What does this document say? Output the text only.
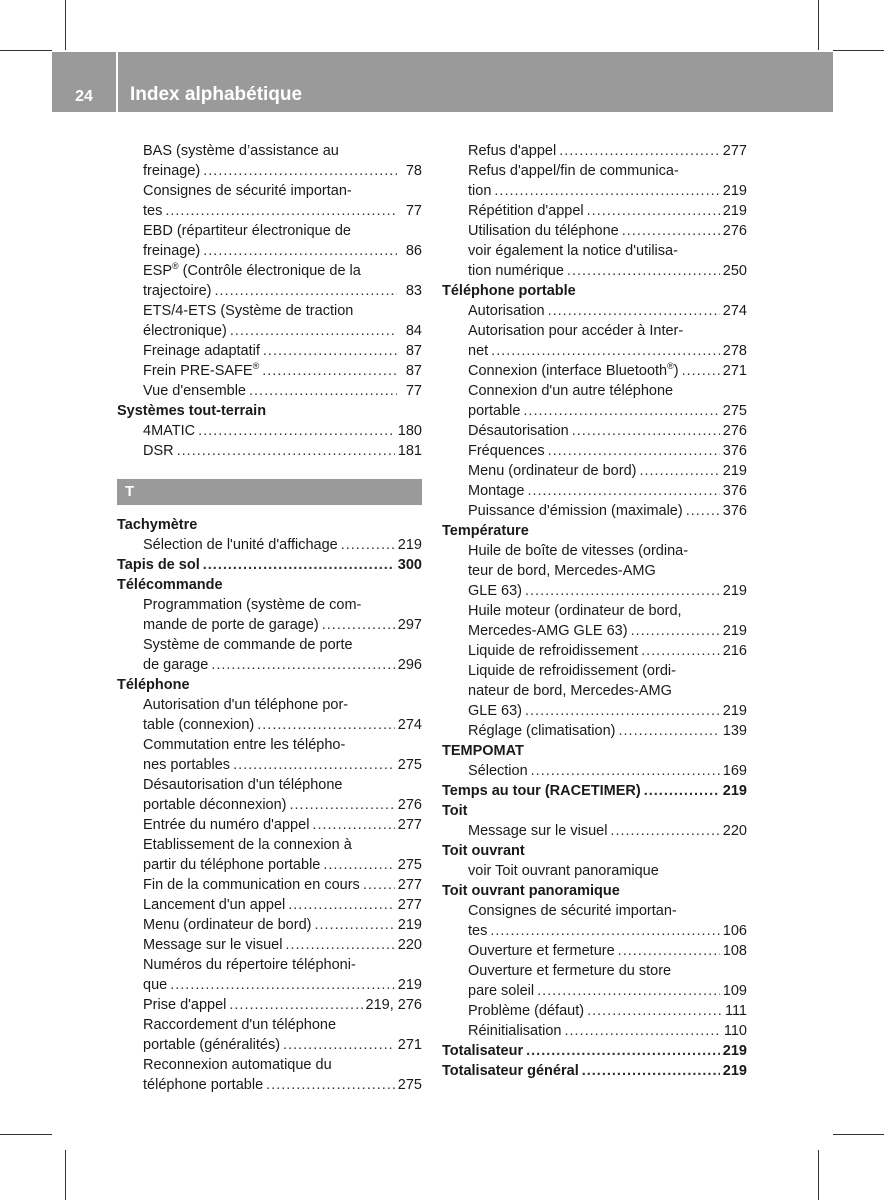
24	Index alphabétique
BAS (système d’assistance au
freinage) .....	78
Consignes de sécurité importan-
tes .....	77
EBD (répartiteur électronique de
freinage) .....	86
ESP® (Contrôle électronique de la
trajectoire) .....	83
ETS/4-ETS (Système de traction
électronique) .....	84
Freinage adaptatif .....	87
Frein PRE-SAFE® .....	87
Vue d'ensemble .....	77
Systèmes tout-terrain
4MATIC .....	180
DSR .....	181
T
Tachymètre
Sélection de l'unité d'affichage .....	219
Tapis de sol .....	300
Télécommande
Programmation (système de com-
mande de porte de garage) .....	297
Système de commande de porte
de garage .....	296
Téléphone
Autorisation d'un téléphone por-
table (connexion) .....	274
Commutation entre les télépho-
nes portables .....	275
Désautorisation d'un téléphone
portable déconnexion) .....	276
Entrée du numéro d'appel .....	277
Etablissement de la connexion à
partir du téléphone portable .....	275
Fin de la communication en cours .....	277
Lancement d'un appel .....	277
Menu (ordinateur de bord) .....	219
Message sur le visuel .....	220
Numéros du répertoire téléphoni-
que .....	219
Prise d'appel .....	219, 276
Raccordement d'un téléphone
portable (généralités) .....	271
Reconnexion automatique du
téléphone portable .....	275
Refus d'appel .....	277
Refus d'appel/fin de communica-
tion .....	219
Répétition d'appel .....	219
Utilisation du téléphone .....	276
voir également la notice d'utilisa-
tion numérique .....	250
Téléphone portable
Autorisation .....	274
Autorisation pour accéder à Inter-
net .....	278
Connexion (interface Bluetooth®) .....	271
Connexion d'un autre téléphone
portable .....	275
Désautorisation .....	276
Fréquences .....	376
Menu (ordinateur de bord) .....	219
Montage .....	376
Puissance d'émission (maximale) .....	376
Température
Huile de boîte de vitesses (ordina-
teur de bord, Mercedes-AMG
GLE 63) .....	219
Huile moteur (ordinateur de bord,
Mercedes-AMG GLE 63) .....	219
Liquide de refroidissement .....	216
Liquide de refroidissement (ordi-
nateur de bord, Mercedes-AMG
GLE 63) .....	219
Réglage (climatisation) .....	139
TEMPOMAT
Sélection .....	169
Temps au tour (RACETIMER) .....	219
Toit
Message sur le visuel .....	220
Toit ouvrant
voir Toit ouvrant panoramique
Toit ouvrant panoramique
Consignes de sécurité importan-
tes .....	106
Ouverture et fermeture .....	108
Ouverture et fermeture du store
pare soleil .....	109
Problème (défaut) .....	111
Réinitialisation .....	110
Totalisateur .....	219
Totalisateur général .....	219
